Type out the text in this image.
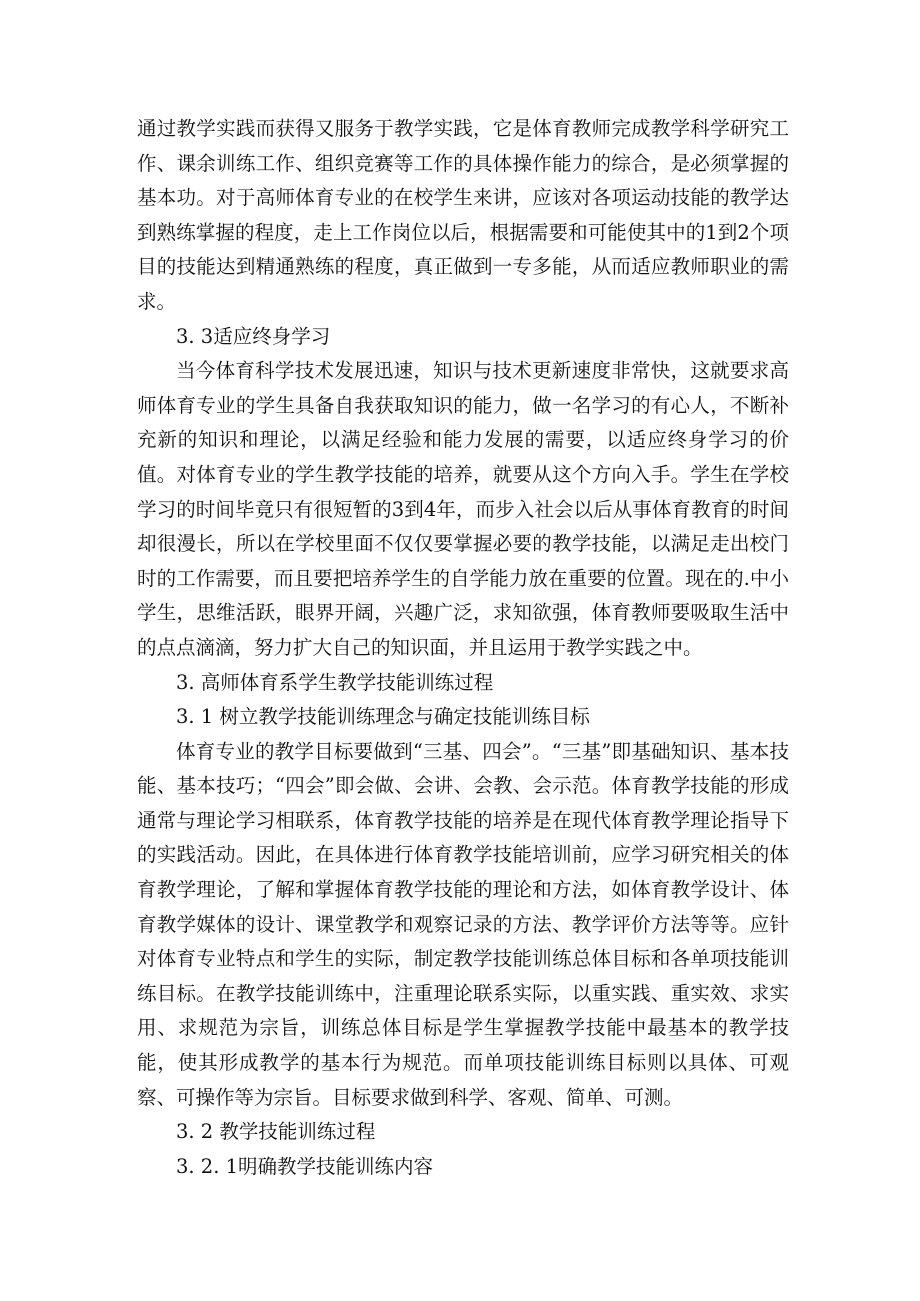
通过教学实践而获得又服务于教学实践，它是体育教师完成教学科学研究工作、课余训练工作、组织竞赛等工作的具体操作能力的综合，是必须掌握的基本功。对于高师体育专业的在校学生来讲，应该对各项运动技能的教学达到熟练掌握的程度，走上工作岗位以后，根据需要和可能使其中的1到2个项目的技能达到精通熟练的程度，真正做到一专多能，从而适应教师职业的需求。

3. 3适应终身学习

当今体育科学技术发展迅速，知识与技术更新速度非常快，这就要求高师体育专业的学生具备自我获取知识的能力，做一名学习的有心人，不断补充新的知识和理论，以满足经验和能力发展的需要，以适应终身学习的价值。对体育专业的学生教学技能的培养，就要从这个方向入手。学生在学校学习的时间毕竟只有很短暂的3到4年，而步入社会以后从事体育教育的时间却很漫长，所以在学校里面不仅仅要掌握必要的教学技能，以满足走出校门时的工作需要，而且要把培养学生的自学能力放在重要的位置。现在的.中小学生，思维活跃，眼界开阔，兴趣广泛，求知欲强，体育教师要吸取生活中的点点滴滴，努力扩大自己的知识面，并且运用于教学实践之中。

3. 高师体育系学生教学技能训练过程

3. 1 树立教学技能训练理念与确定技能训练目标

体育专业的教学目标要做到“三基、四会”。“三基”即基础知识、基本技能、基本技巧；“四会”即会做、会讲、会教、会示范。体育教学技能的形成通常与理论学习相联系，体育教学技能的培养是在现代体育教学理论指导下的实践活动。因此，在具体进行体育教学技能培训前，应学习研究相关的体育教学理论，了解和掌握体育教学技能的理论和方法，如体育教学设计、体育教学媒体的设计、课堂教学和观察记录的方法、教学评价方法等等。应针对体育专业特点和学生的实际，制定教学技能训练总体目标和各单项技能训练目标。在教学技能训练中，注重理论联系实际，以重实践、重实效、求实用、求规范为宗旨，训练总体目标是学生掌握教学技能中最基本的教学技能，使其形成教学的基本行为规范。而单项技能训练目标则以具体、可观察、可操作等为宗旨。目标要求做到科学、客观、简单、可测。

3. 2 教学技能训练过程

3. 2. 1明确教学技能训练内容
